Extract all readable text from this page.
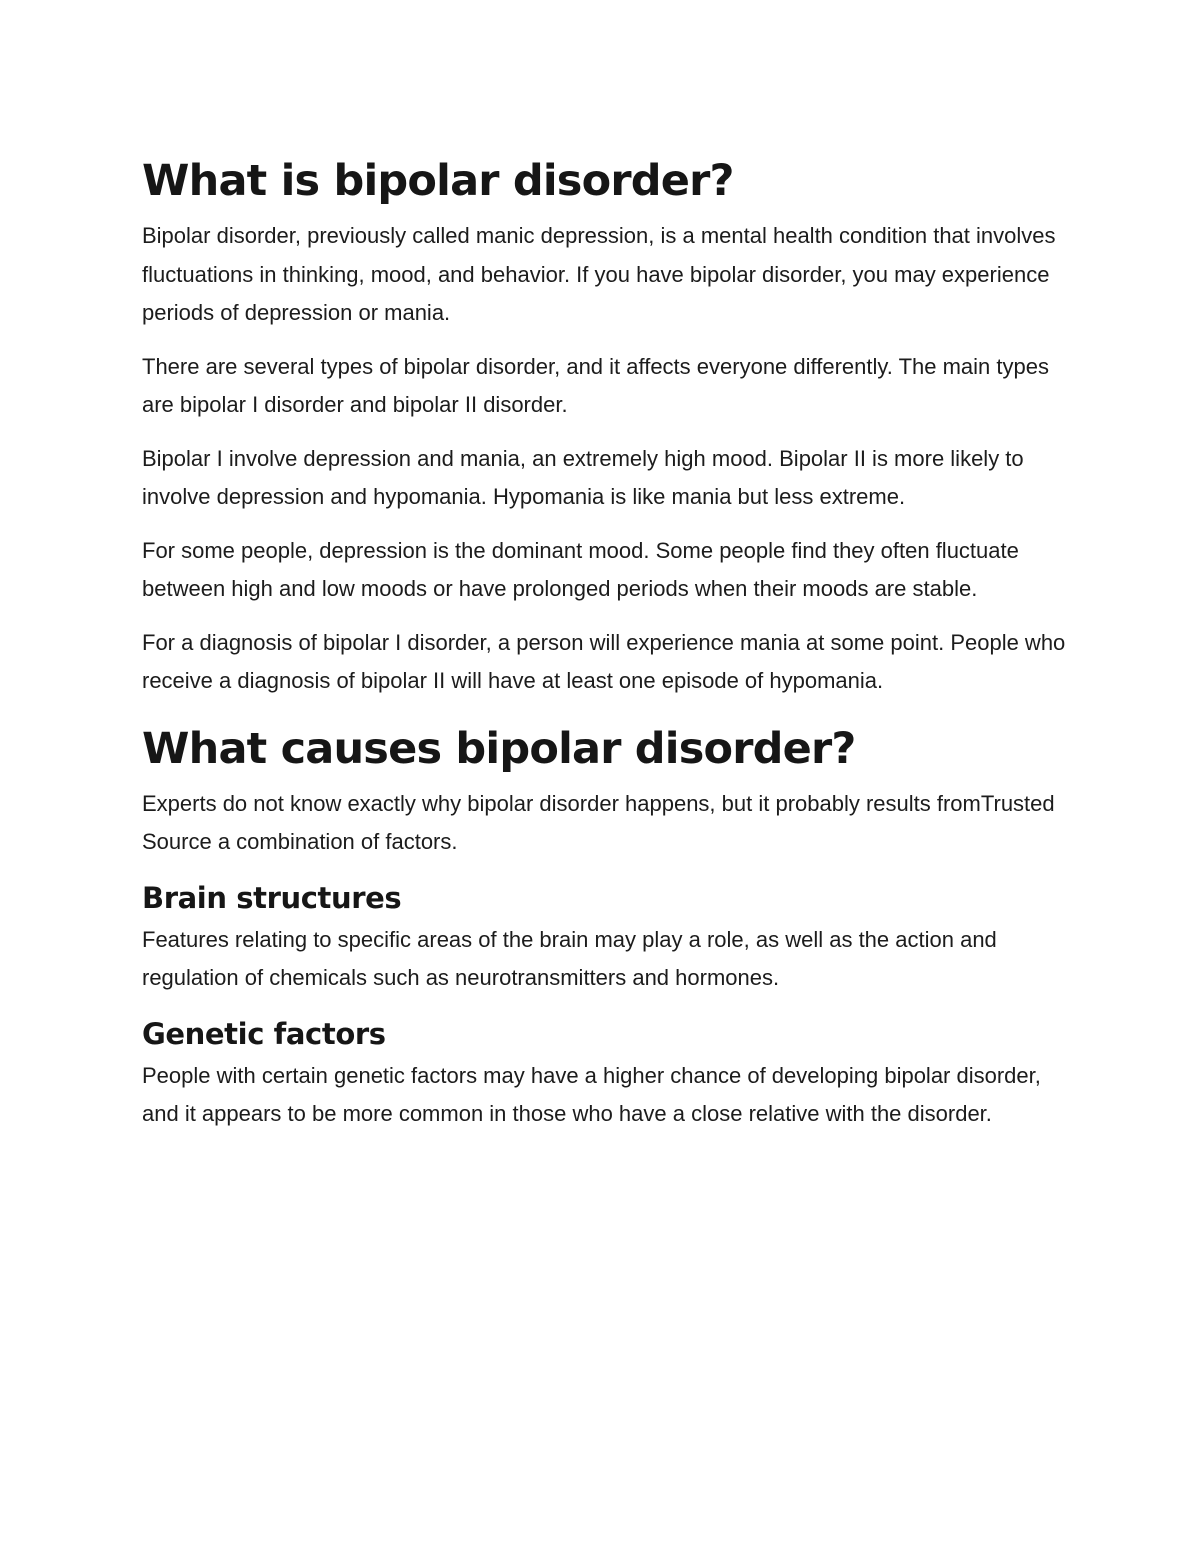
What is bipolar disorder?

Bipolar disorder, previously called manic depression, is a mental health condition that involves fluctuations in thinking, mood, and behavior. If you have bipolar disorder, you may experience periods of depression or mania.

There are several types of bipolar disorder, and it affects everyone differently. The main types are bipolar I disorder and bipolar II disorder.

Bipolar I involve depression and mania, an extremely high mood. Bipolar II is more likely to involve depression and hypomania. Hypomania is like mania but less extreme.

For some people, depression is the dominant mood. Some people find they often fluctuate between high and low moods or have prolonged periods when their moods are stable.

For a diagnosis of bipolar I disorder, a person will experience mania at some point. People who receive a diagnosis of bipolar II will have at least one episode of hypomania.

What causes bipolar disorder?

Experts do not know exactly why bipolar disorder happens, but it probably results fromTrusted Source a combination of factors.

Brain structures

Features relating to specific areas of the brain may play a role, as well as the action and regulation of chemicals such as neurotransmitters and hormones.

Genetic factors

People with certain genetic factors may have a higher chance of developing bipolar disorder, and it appears to be more common in those who have a close relative with the disorder.
